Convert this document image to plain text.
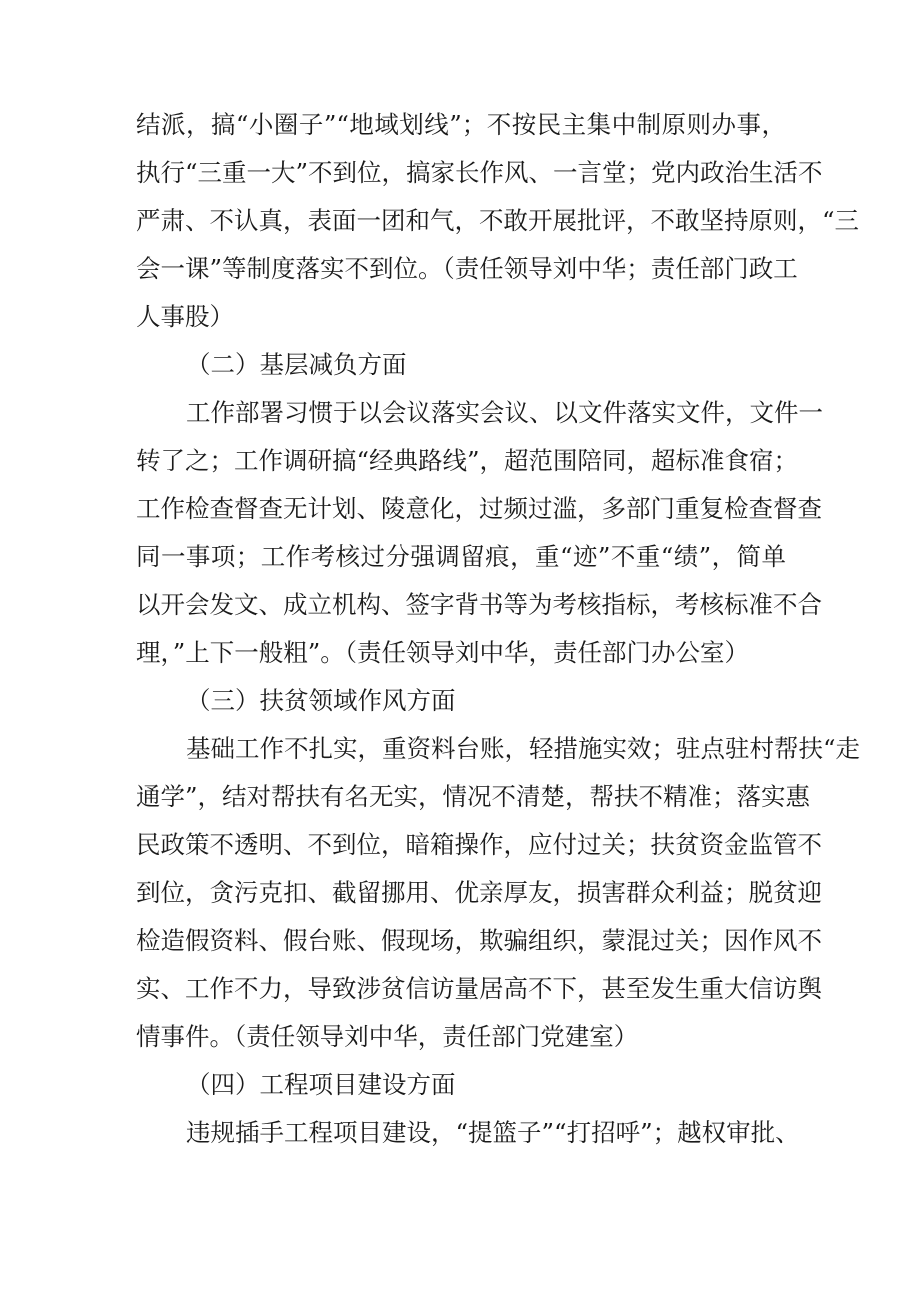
结派，搞“小圈子”“地域划线”；不按民主集中制原则办事，
执行“三重一大”不到位，搞家长作风、一言堂；党内政治生活不
严肃、不认真，表面一团和气，不敢开展批评，不敢坚持原则，“三
会一课”等制度落实不到位。（责任领导刘中华；责任部门政工
人事股）
（二）基层减负方面
工作部署习惯于以会议落实会议、以文件落实文件，文件一
转了之；工作调研搞“经典路线”，超范围陪同，超标准食宿；
工作检查督查无计划、陵意化，过频过滥，多部门重复检查督查
同一事项；工作考核过分强调留痕，重“迹”不重“绩”，简单
以开会发文、成立机构、签字背书等为考核指标，考核标准不合
理，”上下一般粗”。（责任领导刘中华，责任部门办公室）
（三）扶贫领域作风方面
基础工作不扎实，重资料台账，轻措施实效；驻点驻村帮扶“走
通学”，结对帮扶有名无实，情况不清楚，帮扶不精准；落实惠
民政策不透明、不到位，暗箱操作，应付过关；扶贫资金监管不
到位，贪污克扣、截留挪用、优亲厚友，损害群众利益；脱贫迎
检造假资料、假台账、假现场，欺骗组织，蒙混过关；因作风不
实、工作不力，导致涉贫信访量居高不下，甚至发生重大信访舆
情事件。（责任领导刘中华，责任部门党建室）
（四）工程项目建设方面
违规插手工程项目建设，“提篮子”“打招呼”；越权审批、
